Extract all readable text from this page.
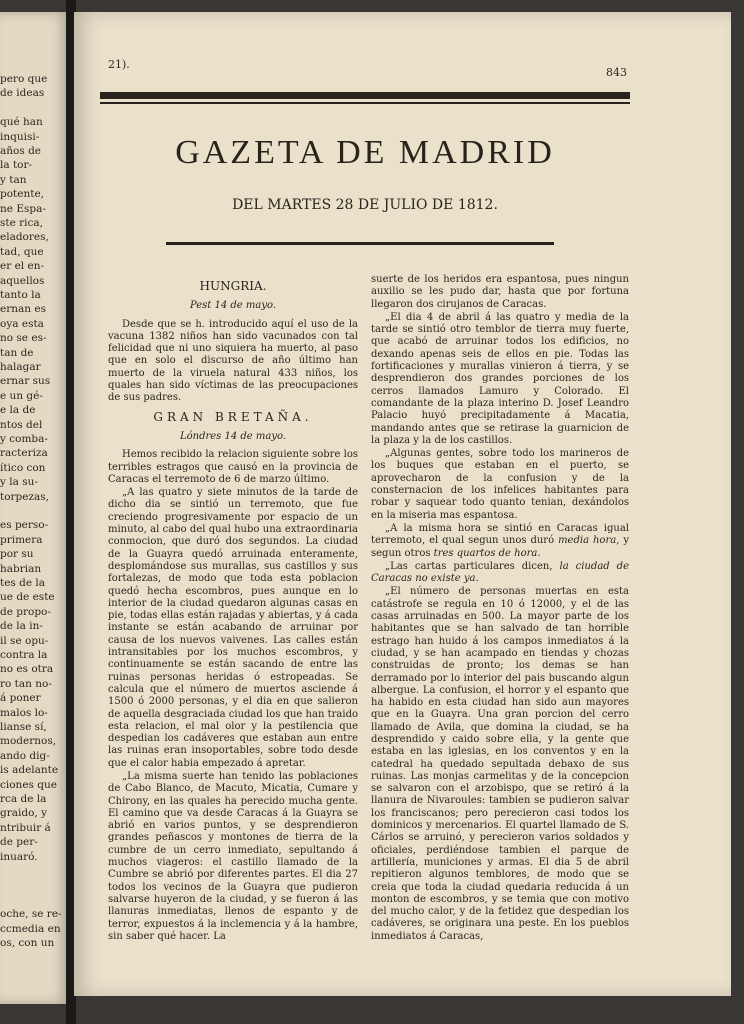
pero que
de ideas
qué han
inquisi-
años de
la tor-
y tan
potente,
ne Espa-
ste rica,
eladores,
tad, que
er el en-
aquellos
tanto la
ernan es
oya esta
no se es-
tan de
halagar
ernar sus
e un gé-
e la de
ntos del
y comba-
racteriza
ítico con
y la su-
torpezas,
es perso-
primera
por su
habrian
tes de la
ue de este
de propo-
de la in-
il se opu-
contra la
no es otra
ro tan no-
á poner
malos lo-
lianse sí,
modernos,
ando dig-
is adelante
ciones que
rca de la
graido, y
ntribuir á
de per-
inuaró.
oche, se re-
ccmedia en
os, con un
21).
843
GAZETA DE MADRID
DEL MARTES 28 DE JULIO DE 1812.
HUNGRIA.
Pest 14 de mayo.

Desde que se h. introducido aquí el uso de la vacuna 1382 niños han sido vacunados con tal felicidad que ni uno siquiera ha muerto, al paso que en solo el discurso de año último han muerto de la viruela natural 433 niños, los quales han sido víctimas de las preocupaciones de sus padres.

GRAN BRETAÑA.
Lóndres 14 de mayo.

Hemos recibido la relacion siguiente sobre los terribles estragos que causó en la provincia de Caracas el terremoto de 6 de marzo último.

„A las quatro y siete minutos de la tarde de dicho dia se sintió un terremoto, que fue creciendo progresivamente por espacio de un minuto, al cabo del qual hubo una extraordinaria conmocion, que duró dos segundos. La ciudad de la Guayra quedó arruinada enteramente, desplomándose sus murallas, sus castillos y sus fortalezas, de modo que toda esta poblacion quedó hecha escombros, pues aunque en lo interior de la ciudad quedaron algunas casas en pie, todas ellas están rajadas y abiertas, y á cada instante se están acabando de arruinar por causa de los nuevos vaivenes. Las calles están intransitables por los muchos escombros, y continuamente se están sacando de entre las ruinas personas heridas ó estropeadas. Se calcula que el número de muertos asciende á 1500 ó 2000 personas, y el dia en que salieron de aquella desgraciada ciudad los que han traido esta relacion, el mal olor y la pestilencia que despedian los cadáveres que estaban aun entre las ruinas eran insoportables, sobre todo desde que el calor habia empezado á apretar.

„La misma suerte han tenido las poblaciones de Cabo Blanco, de Macuto, Micatia, Cumare y Chirony, en las quales ha perecido mucha gente. El camino que va desde Caracas á la Guayra se abrió en varios puntos, y se desprendieron grandes peñascos y montones de tierra de la cumbre de un cerro inmediato, sepultando á muchos viageros: el castillo llamado de la Cumbre se abrió por diferentes partes. El dia 27 todos los vecinos de la Guayra que pudieron salvarse huyeron de la ciudad, y se fueron á las llanuras inmediatas, llenos de espanto y de terror, expuestos á la inclemencia y á la hambre, sin saber qué hacer. La

suerte de los heridos era espantosa, pues ningun auxilio se les pudo dar, hasta que por fortuna llegaron dos cirujanos de Caracas.

„El dia 4 de abril á las quatro y media de la tarde se sintió otro temblor de tierra muy fuerte, que acabó de arruinar todos los edificios, no dexando apenas seis de ellos en pie. Todas las fortificaciones y murallas vinieron á tierra, y se desprendieron dos grandes porciones de los cerros llamados Lamuro y Colorado. El comandante de la plaza interino D. Josef Leandro Palacio huyó precipitadamente á Macatia, mandando antes que se retirase la guarnicion de la plaza y la de los castillos.

„Algunas gentes, sobre todo los marineros de los buques que estaban en el puerto, se aprovecharon de la confusion y de la consternacion de los infelices habitantes para robar y saquear todo quanto tenian, dexándolos en la miseria mas espantosa.

„A la misma hora se sintió en Caracas igual terremoto, el qual segun unos duró media hora, y segun otros tres quartos de hora.

„Las cartas particulares dicen, la ciudad de Caracas no existe ya.

„El número de personas muertas en esta catástrofe se regula en 10 ó 12000, y el de las casas arruinadas en 500. La mayor parte de los habitantes que se han salvado de tan horrible estrago han huido á los campos inmediatos á la ciudad, y se han acampado en tiendas y chozas construidas de pronto; los demas se han derramado por lo interior del pais buscando algun albergue. La confusion, el horror y el espanto que ha habido en esta ciudad han sido aun mayores que en la Guayra. Una gran porcion del cerro llamado de Avila, que domina la ciudad, se ha desprendido y caido sobre ella, y la gente que estaba en las iglesias, en los conventos y en la catedral ha quedado sepultada debaxo de sus ruinas. Las monjas carmelitas y de la concepcion se salvaron con el arzobispo, que se retiró á la llanura de Nivaroules: tambien se pudieron salvar los franciscanos; pero perecieron casi todos los dominicos y mercenarios. El quartel llamado de S. Cárlos se arruinó, y perecieron varios soldados y oficiales, perdiéndose tambien el parque de artillería, municiones y armas. El dia 5 de abril repitieron algunos temblores, de modo que se creia que toda la ciudad quedaria reducida á un monton de escombros, y se temia que con motivo del mucho calor, y de la fetidez que despedian los cadáveres, se originara una peste. En los pueblos inmediatos á Caracas,
